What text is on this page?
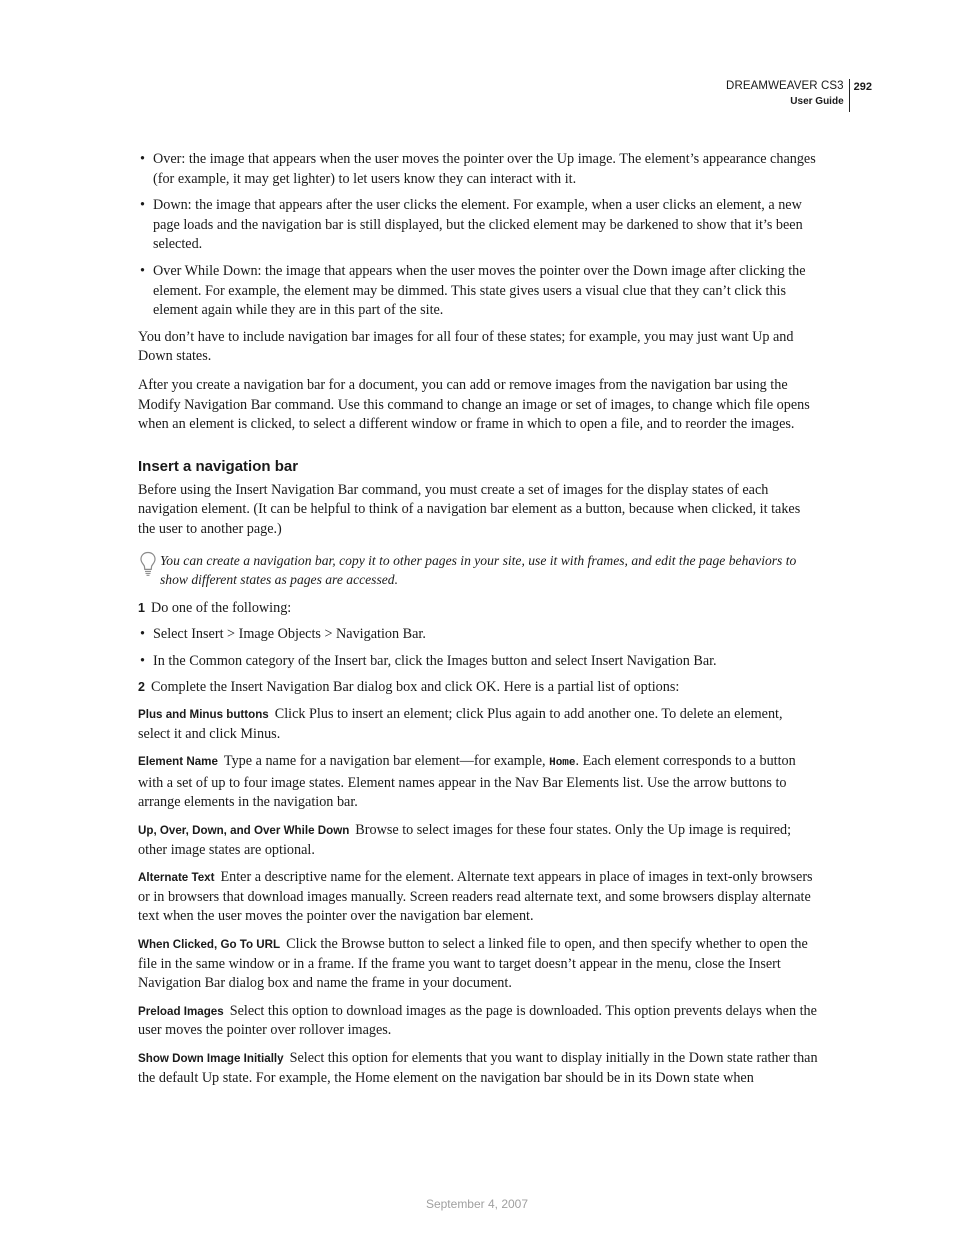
DREAMWEAVER CS3
User Guide
292
• Over: the image that appears when the user moves the pointer over the Up image. The element’s appearance changes (for example, it may get lighter) to let users know they can interact with it.
• Down: the image that appears after the user clicks the element. For example, when a user clicks an element, a new page loads and the navigation bar is still displayed, but the clicked element may be darkened to show that it’s been selected.
• Over While Down: the image that appears when the user moves the pointer over the Down image after clicking the element. For example, the element may be dimmed. This state gives users a visual clue that they can’t click this element again while they are in this part of the site.

You don’t have to include navigation bar images for all four of these states; for example, you may just want Up and Down states.

After you create a navigation bar for a document, you can add or remove images from the navigation bar using the Modify Navigation Bar command. Use this command to change an image or set of images, to change which file opens when an element is clicked, to select a different window or frame in which to open a file, and to reorder the images.

Insert a navigation bar

Before using the Insert Navigation Bar command, you must create a set of images for the display states of each navigation element. (It can be helpful to think of a navigation bar element as a button, because when clicked, it takes the user to another page.)

You can create a navigation bar, copy it to other pages in your site, use it with frames, and edit the page behaviors to show different states as pages are accessed.
1 Do one of the following:
• Select Insert > Image Objects > Navigation Bar.
• In the Common category of the Insert bar, click the Images button and select Insert Navigation Bar.
2 Complete the Insert Navigation Bar dialog box and click OK. Here is a partial list of options:
Plus and Minus buttons Click Plus to insert an element; click Plus again to add another one. To delete an element, select it and click Minus.
Element Name Type a name for a navigation bar element—for example, Home. Each element corresponds to a button with a set of up to four image states. Element names appear in the Nav Bar Elements list. Use the arrow buttons to arrange elements in the navigation bar.
Up, Over, Down, and Over While Down Browse to select images for these four states. Only the Up image is required; other image states are optional.
Alternate Text Enter a descriptive name for the element. Alternate text appears in place of images in text-only browsers or in browsers that download images manually. Screen readers read alternate text, and some browsers display alternate text when the user moves the pointer over the navigation bar element.
When Clicked, Go To URL Click the Browse button to select a linked file to open, and then specify whether to open the file in the same window or in a frame. If the frame you want to target doesn’t appear in the menu, close the Insert Navigation Bar dialog box and name the frame in your document.
Preload Images Select this option to download images as the page is downloaded. This option prevents delays when the user moves the pointer over rollover images.
Show Down Image Initially Select this option for elements that you want to display initially in the Down state rather than the default Up state. For example, the Home element on the navigation bar should be in its Down state when
September 4, 2007
